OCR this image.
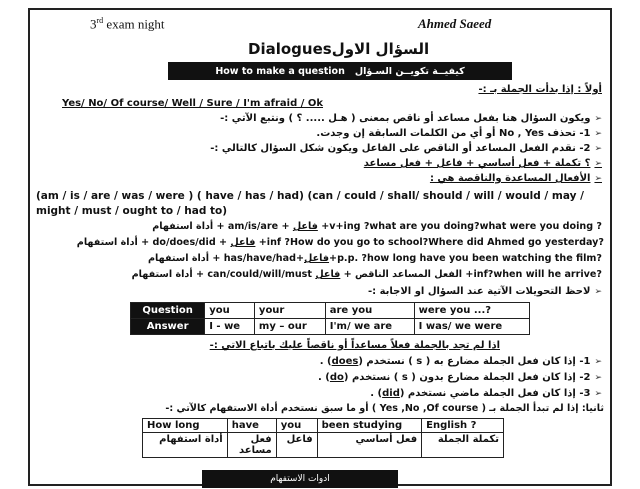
3rd exam night	Ahmed Saeed
Dialoguesالسؤال الاول
How to make a question كيفيــة تكويــن السـؤال
أولاً : إذا بدأت الجملة بـ :-
Yes/ No/ Of course/ Well / Sure / I'm afraid / Ok
➢ويكون السؤال هنا بفعل مساعد أو ناقص بمعنى ( هـل ..... ؟ ) ونتبع الآتي :-
➢1- تحذف No , Yes أو أي من الكلمات السابقة إن وجدت.
➢2- نقدم الفعل المساعد أو الناقص على الفاعل ويكون شكل السؤال كالتالي :-
➢؟ تكملة + فعل أساسي + فاعل + فعل مساعد
➢الأفعال المساعدة والناقصة هي :
(am / is / are / was / were ) ( have / has / had) (can / could / shall/ should / will / would / may /
might / must / ought to / had to)
أداة استفهام + am/is/are + فاعل +v+ing ?what are you doing?what were you doing ?
أداة استفهام + do/does/did + فاعل +inf ?How do you go to school?Where did Ahmed go yesterday?
أداة استفهام + has/have/had+فاعل+p.p. ?how long have you been watching the film?
أداة استفهام + can/could/will/must الفعل المساعد الناقص + فاعل	+inf?when will he arrive?
➢لاحظ التحويلات الآتية عند السؤال او الاجابة :-
Question	you	your	are you	were you ...?
Answer	I - we	my – our	I'm/ we are	I was/ we were
اذا لم تجد بالجملة فعلاً مساعداً أو ناقصاً عليك باتباع الاتي :-
➢1- إذا كان فعل الجملة مضارع به ( s ) نستخدم (does) .
➢2- إذا كان فعل الجملة مضارع بدون ( s ) نستخدم (do) .
➢3- إذا كان فعل الجملة ماضي نستخدم (did) .
ثانيا: إذا لم تبدأ الجملة بـ ( Yes ,No ,Of course ) أو ما سبق نستخدم أداة الاستفهام كالآتي :-
How long	have	you	been studying	English ?
أداة استفهام	فعل مساعد	فاعل	فعل أساسي	تكملة الجملة
ادوات الاستفهام
